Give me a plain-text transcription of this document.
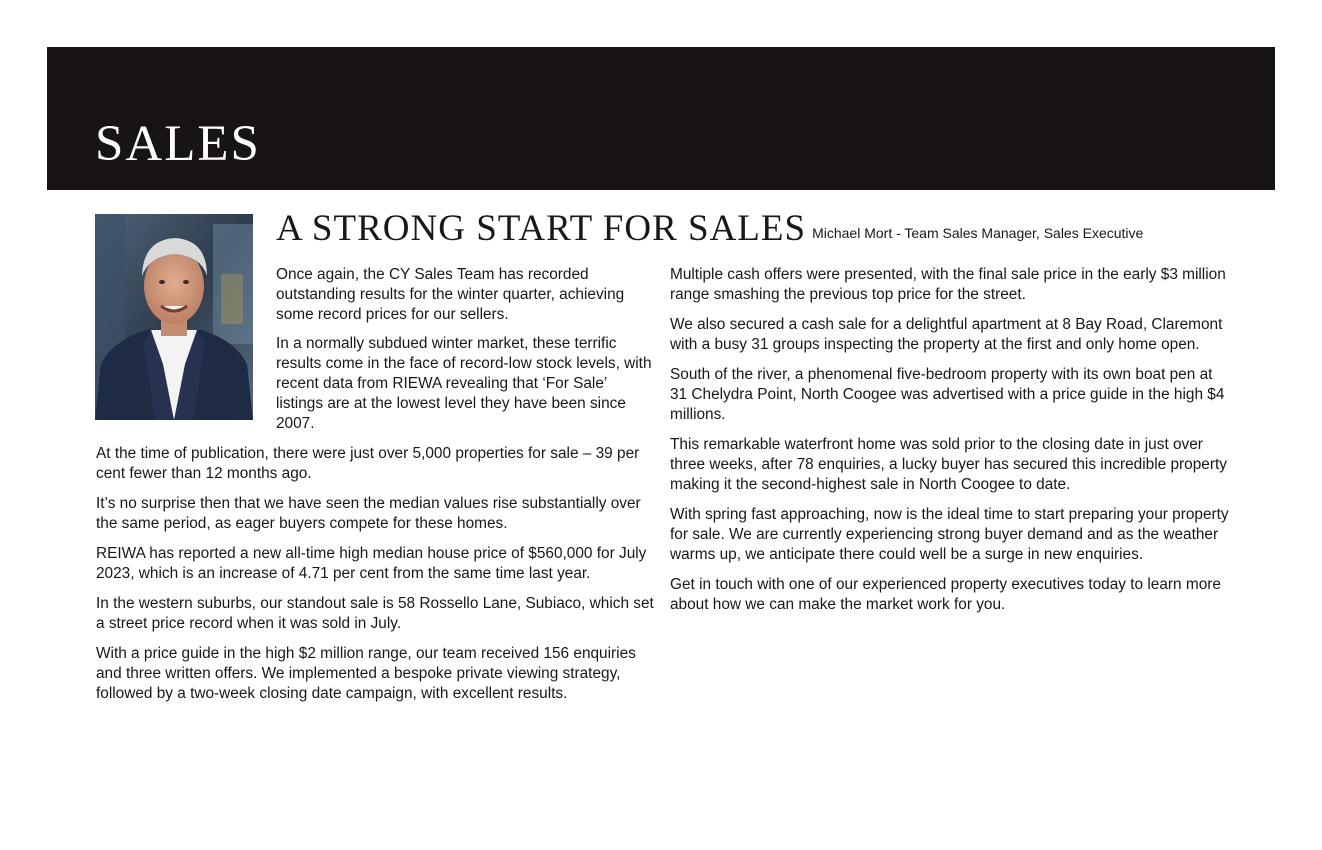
SALES
A STRONG START FOR SALES Michael Mort - Team Sales Manager, Sales Executive

Once again, the CY Sales Team has recorded outstanding results for the winter quarter, achieving some record prices for our sellers.

In a normally subdued winter market, these terrific results come in the face of record-low stock levels, with recent data from RIEWA revealing that ‘For Sale’ listings are at the lowest level they have been since 2007.

At the time of publication, there were just over 5,000 properties for sale – 39 per cent fewer than 12 months ago.

It’s no surprise then that we have seen the median values rise substantially over the same period, as eager buyers compete for these homes.

REIWA has reported a new all-time high median house price of $560,000 for July 2023, which is an increase of 4.71 per cent from the same time last year.

In the western suburbs, our standout sale is 58 Rossello Lane, Subiaco, which set a street price record when it was sold in July.

With a price guide in the high $2 million range, our team received 156 enquiries and three written offers. We implemented a bespoke private viewing strategy, followed by a two-week closing date campaign, with excellent results.

Multiple cash offers were presented, with the final sale price in the early $3 million range smashing the previous top price for the street.

We also secured a cash sale for a delightful apartment at 8 Bay Road, Claremont with a busy 31 groups inspecting the property at the first and only home open.

South of the river, a phenomenal five-bedroom property with its own boat pen at 31 Chelydra Point, North Coogee was advertised with a price guide in the high $4 millions.

This remarkable waterfront home was sold prior to the closing date in just over three weeks, after 78 enquiries, a lucky buyer has secured this incredible property making it the second-highest sale in North Coogee to date.

With spring fast approaching, now is the ideal time to start preparing your property for sale. We are currently experiencing strong buyer demand and as the weather warms up, we anticipate there could well be a surge in new enquiries.

Get in touch with one of our experienced property executives today to learn more about how we can make the market work for you.
